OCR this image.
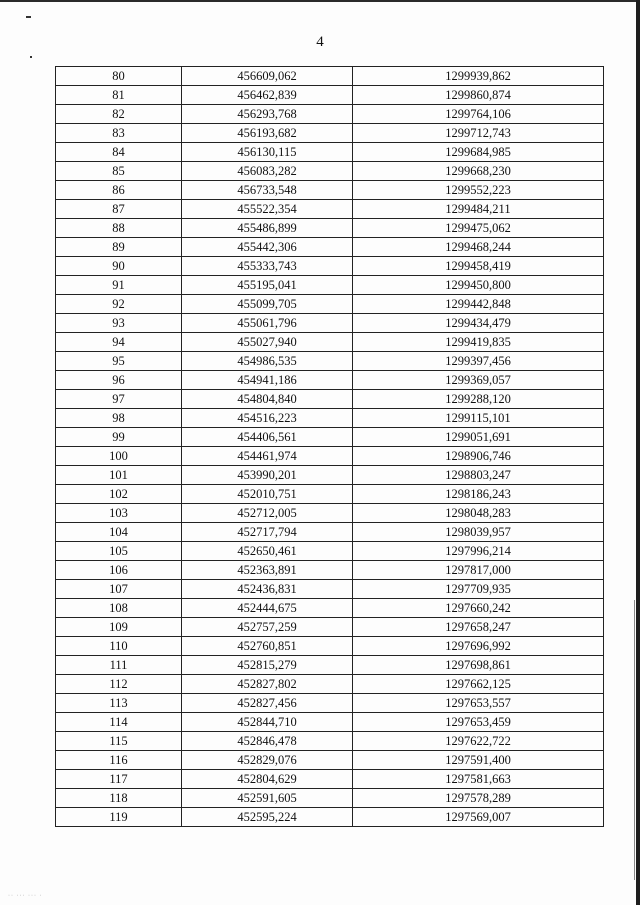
4
80	456609,062	1299939,862
81	456462,839	1299860,874
82	456293,768	1299764,106
83	456193,682	1299712,743
84	456130,115	1299684,985
85	456083,282	1299668,230
86	456733,548	1299552,223
87	455522,354	1299484,211
88	455486,899	1299475,062
89	455442,306	1299468,244
90	455333,743	1299458,419
91	455195,041	1299450,800
92	455099,705	1299442,848
93	455061,796	1299434,479
94	455027,940	1299419,835
95	454986,535	1299397,456
96	454941,186	1299369,057
97	454804,840	1299288,120
98	454516,223	1299115,101
99	454406,561	1299051,691
100	454461,974	1298906,746
101	453990,201	1298803,247
102	452010,751	1298186,243
103	452712,005	1298048,283
104	452717,794	1298039,957
105	452650,461	1297996,214
106	452363,891	1297817,000
107	452436,831	1297709,935
108	452444,675	1297660,242
109	452757,259	1297658,247
110	452760,851	1297696,992
111	452815,279	1297698,861
112	452827,802	1297662,125
113	452827,456	1297653,557
114	452844,710	1297653,459
115	452846,478	1297622,722
116	452829,076	1297591,400
117	452804,629	1297581,663
118	452591,605	1297578,289
119	452595,224	1297569,007
·· ··· ··· ·
